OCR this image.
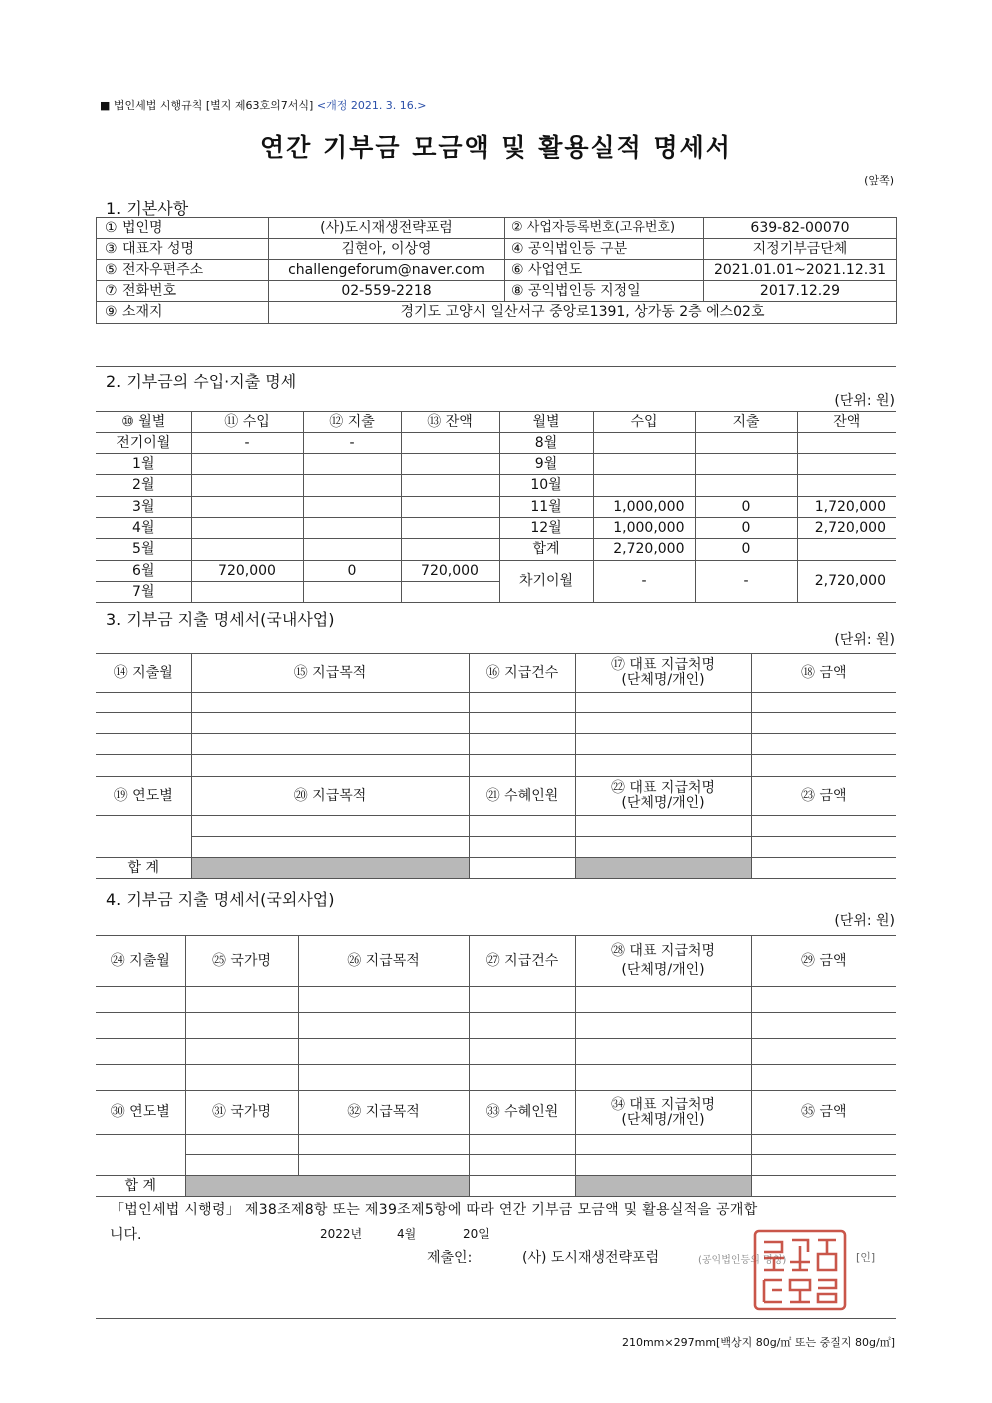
■ 법인세법 시행규칙 [별지 제63호의7서식] <개정 2021. 3. 16.>
연간 기부금 모금액 및 활용실적 명세서
(앞쪽)
1. 기본사항
① 법인명	(사)도시재생전략포럼	② 사업자등록번호(고유번호)	639-82-00070
③ 대표자 성명	김현아, 이상영	④ 공익법인등 구분	지정기부금단체
⑤ 전자우편주소	challengeforum@naver.com	⑥ 사업연도	2021.01.01~2021.12.31
⑦ 전화번호	02-559-2218	⑧ 공익법인등 지정일	2017.12.29
⑨ 소재지	경기도 고양시 일산서구 중앙로1391, 상가동 2층 에스02호		
2. 기부금의 수입·지출 명세
(단위: 원)
⑩ 월별	⑪ 수입	⑫ 지출	⑬ 잔액	월별	수입	지출	잔액
전기이월	-	-		8월			
1월				9월			
2월				10월			
3월				11월	1,000,000	0	1,720,000
4월				12월	1,000,000	0	2,720,000
5월				합계	2,720,000	0	
6월	720,000	0	720,000	차기이월	-	-	2,720,000
7월							
3. 기부금 지출 명세서(국내사업)
(단위: 원)
⑭ 지출월	⑮ 지급목적	⑯ 지급건수	⑰ 대표 지급처명
(단체명/개인)	⑱ 금액

⑲ 연도별	⑳ 지급목적	㉑ 수혜인원	㉒ 대표 지급처명
(단체명/개인)	㉓ 금액

합 계				
4. 기부금 지출 명세서(국외사업)
(단위: 원)
㉔ 지출월	㉕ 국가명	㉖ 지급목적	㉗ 지급건수	㉘ 대표 지급처명
(단체명/개인)	㉙ 금액

㉚ 연도별	㉛ 국가명	㉜ 지급목적	㉝ 수혜인원	㉞ 대표 지급처명
(단체명/개인)	㉟ 금액

합 계					
「법인세법 시행령」 제38조제8항 또는 제39조제5항에 따라 연간 기부금 모금액 및 활용실적을 공개합
니다.	2022년	4월	20일
제출인:	(사) 도시재생전략포럼	(공익법인등의 명칭)	[인]
210mm×297mm[백상지 80g/㎡ 또는 중질지 80g/㎡]
